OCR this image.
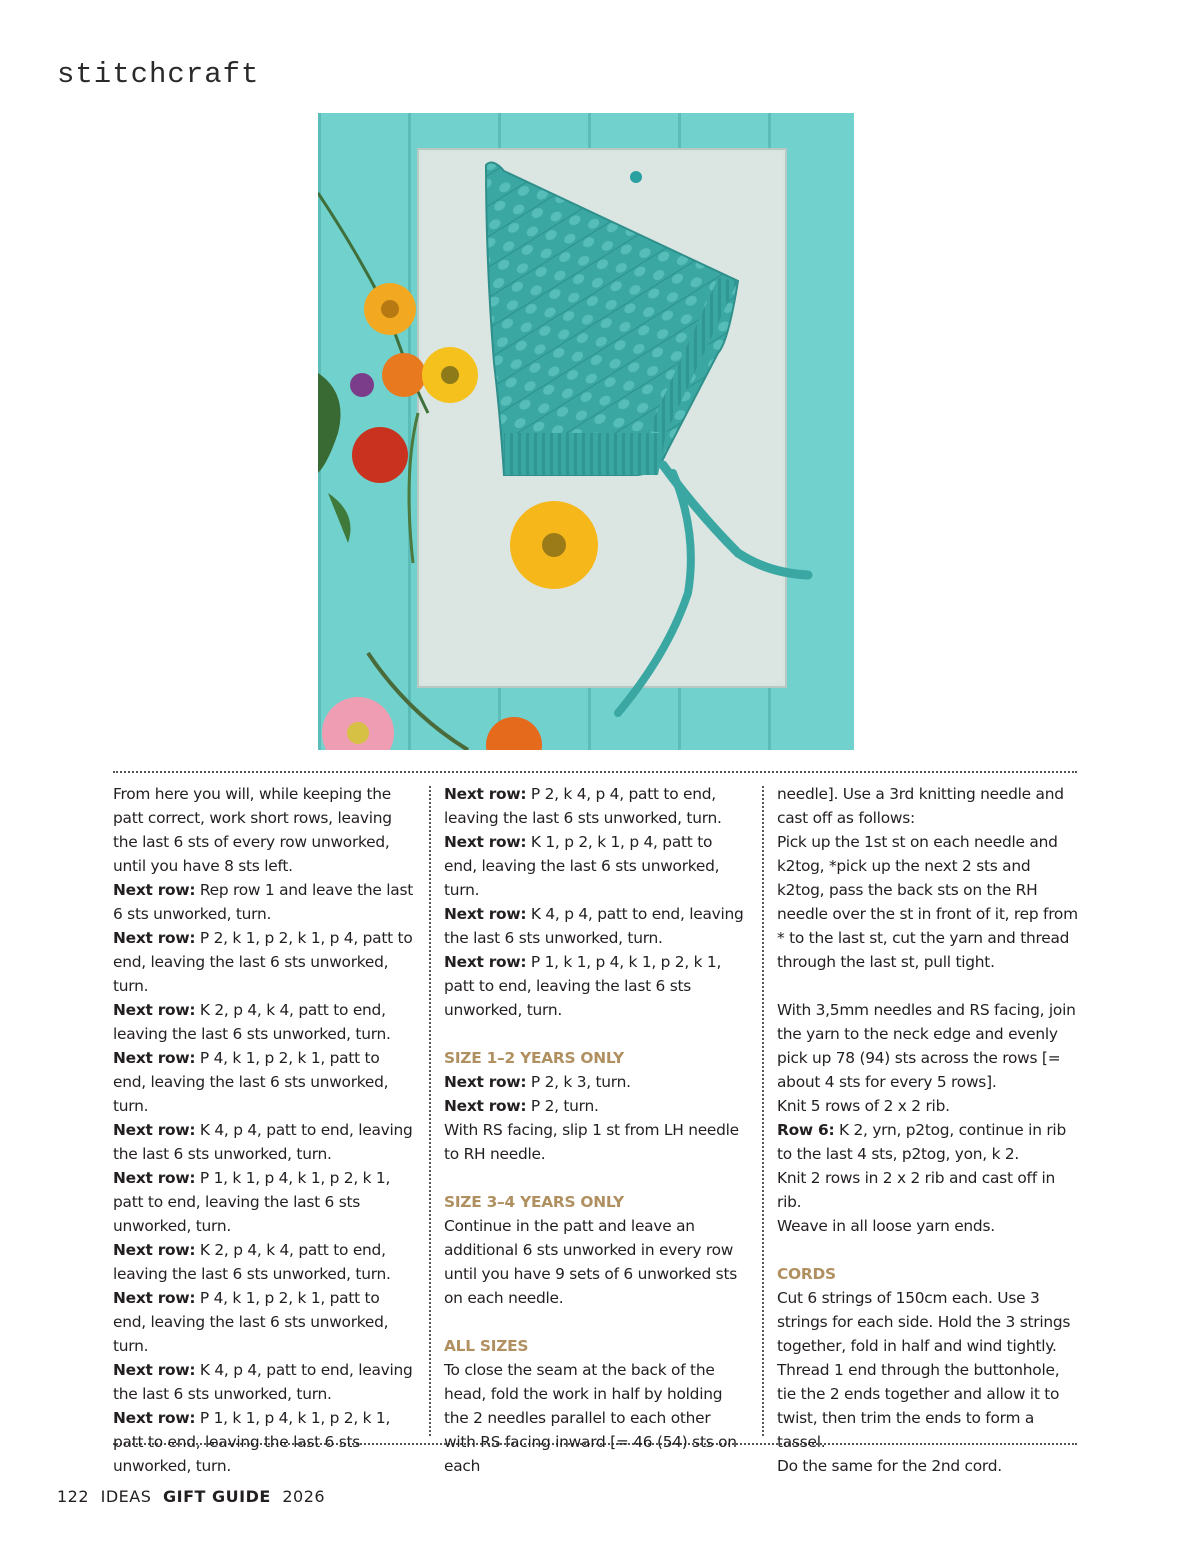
stitchcraft

From here you will, while keeping the patt correct, work short rows, leaving the last 6 sts of every row unworked, until you have 8 sts left.

Next row: Rep row 1 and leave the last 6 sts unworked, turn.

Next row: P 2, k 1, p 2, k 1, p 4, patt to end, leaving the last 6 sts unworked, turn.

Next row: K 2, p 4, k 4, patt to end, leaving the last 6 sts unworked, turn.

Next row: P 4, k 1, p 2, k 1, patt to end, leaving the last 6 sts unworked, turn.

Next row: K 4, p 4, patt to end, leaving the last 6 sts unworked, turn.

Next row: P 1, k 1, p 4, k 1, p 2, k 1, patt to end, leaving the last 6 sts unworked, turn.

Next row: K 2, p 4, k 4, patt to end, leaving the last 6 sts unworked, turn.

Next row: P 4, k 1, p 2, k 1, patt to end, leaving the last 6 sts unworked, turn.

Next row: K 4, p 4, patt to end, leaving the last 6 sts unworked, turn.

Next row: P 1, k 1, p 4, k 1, p 2, k 1, patt to end, leaving the last 6 sts unworked, turn.

Next row: P 2, k 4, p 4, patt to end, leaving the last 6 sts unworked, turn.

Next row: K 1, p 2, k 1, p 4, patt to end, leaving the last 6 sts unworked, turn.

Next row: K 4, p 4, patt to end, leaving the last 6 sts unworked, turn.

Next row: P 1, k 1, p 4, k 1, p 2, k 1, patt to end, leaving the last 6 sts unworked, turn.

SIZE 1–2 YEARS ONLY

Next row: P 2, k 3, turn.

Next row: P 2, turn.

With RS facing, slip 1 st from LH needle to RH needle.

SIZE 3–4 YEARS ONLY

Continue in the patt and leave an additional 6 sts unworked in every row until you have 9 sets of 6 unworked sts on each needle.

ALL SIZES

To close the seam at the back of the head, fold the work in half by holding the 2 needles parallel to each other with RS facing inward [= 46 (54) sts on each

needle]. Use a 3rd knitting needle and cast off as follows:

Pick up the 1st st on each needle and k2tog, *pick up the next 2 sts and k2tog, pass the back sts on the RH needle over the st in front of it, rep from * to the last st, cut the yarn and thread through the last st, pull tight.

With 3,5mm needles and RS facing, join the yarn to the neck edge and evenly pick up 78 (94) sts across the rows [= about 4 sts for every 5 rows].

Knit 5 rows of 2 x 2 rib.

Row 6: K 2, yrn, p2tog, continue in rib to the last 4 sts, p2tog, yon, k 2.

Knit 2 rows in 2 x 2 rib and cast off in rib.

Weave in all loose yarn ends.

CORDS

Cut 6 strings of 150cm each. Use 3 strings for each side. Hold the 3 strings together, fold in half and wind tightly.

Thread 1 end through the buttonhole, tie the 2 ends together and allow it to twist, then trim the ends to form a tassel.

Do the same for the 2nd cord.

122 IDEAS GIFT GUIDE 2026
